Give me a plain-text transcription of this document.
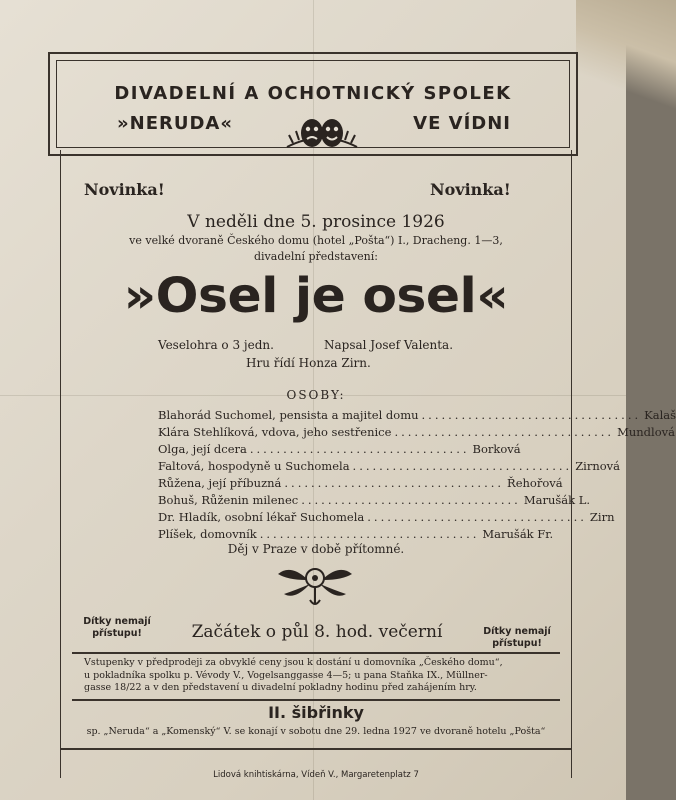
DIVADELNÍ A OCHOTNICKÝ SPOLEK
»NERUDA«	VE VÍDNI
Novinka!	Novinka!
V neděli dne 5. prosince 1926
ve velké dvoraně Českého domu (hotel „Pošta“) I., Dracheng. 1—3,
divadelní představení:
»Osel je osel«
Veselohra o 3 jedn.	Napsal Josef Valenta.
Hru řídí Honza Zirn.
OSOBY:
Blahorád Suchomel, pensista a majitel domu ................................. Kalaš
Klára Stehlíková, vdova, jeho sestřenice ................................. Mundlová
Olga, její dcera ................................. Borková
Faltová, hospodyně u Suchomela ................................. Zirnová
Růžena, její příbuzná ................................. Řehořová
Bohuš, Růženin milenec ................................. Marušák L.
Dr. Hladík, osobní lékař Suchomela ................................. Zirn
Plíšek, domovník ................................. Marušák Fr.
Děj v Praze v době přítomné.
Dítky nemají
přístupu!	Dítky nemají
přístupu!
Začátek o půl 8. hod. večerní
Vstupenky v předprodeji za obvyklé ceny jsou k dostání u domovníka „Českého domu“,
u pokladníka spolku p. Vévody V., Vogelsanggasse 4—5; u pana Staňka IX., Müllner-
gasse 18/22 a v den představení u divadelní pokladny hodinu před zahájením hry.
II. šibřinky
sp. „Neruda“ a „Komenský“ V. se konají v sobotu dne 29. ledna 1927 ve dvoraně hotelu „Pošta“
Lidová knihtiskárna, Vídeň V., Margaretenplatz 7
